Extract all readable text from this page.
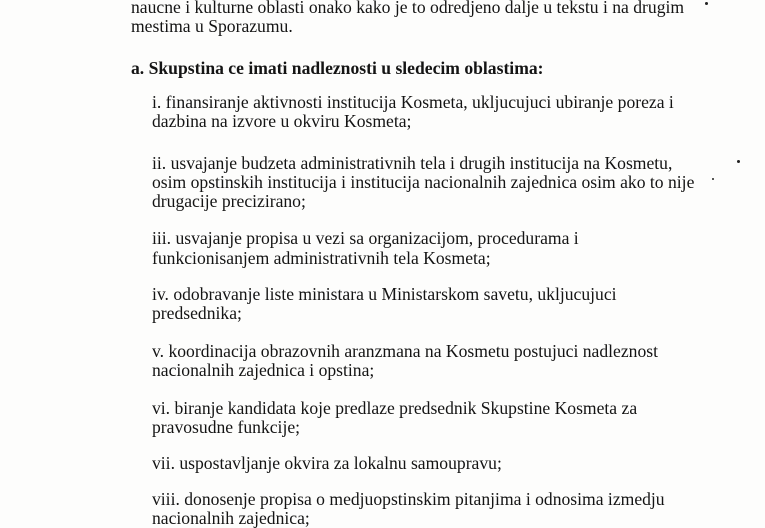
naucne i kulturne oblasti onako kako je to odredjeno dalje u tekstu i na drugim
mestima u Sporazumu.
a. Skupstina ce imati nadleznosti u sledecim oblastima:
i. finansiranje aktivnosti institucija Kosmeta, ukljucujuci ubiranje poreza i
dazbina na izvore u okviru Kosmeta;
ii. usvajanje budzeta administrativnih tela i drugih institucija na Kosmetu,
osim opstinskih institucija i institucija nacionalnih zajednica osim ako to nije
drugacije precizirano;
iii. usvajanje propisa u vezi sa organizacijom, procedurama i
funkcionisanjem administrativnih tela Kosmeta;
iv. odobravanje liste ministara u Ministarskom savetu, ukljucujuci
predsednika;
v. koordinacija obrazovnih aranzmana na Kosmetu postujuci nadleznost
nacionalnih zajednica i opstina;
vi. biranje kandidata koje predlaze predsednik Skupstine Kosmeta za
pravosudne funkcije;
vii. uspostavljanje okvira za lokalnu samoupravu;
viii. donosenje propisa o medjuopstinskim pitanjima i odnosima izmedju
nacionalnih zajednica;
